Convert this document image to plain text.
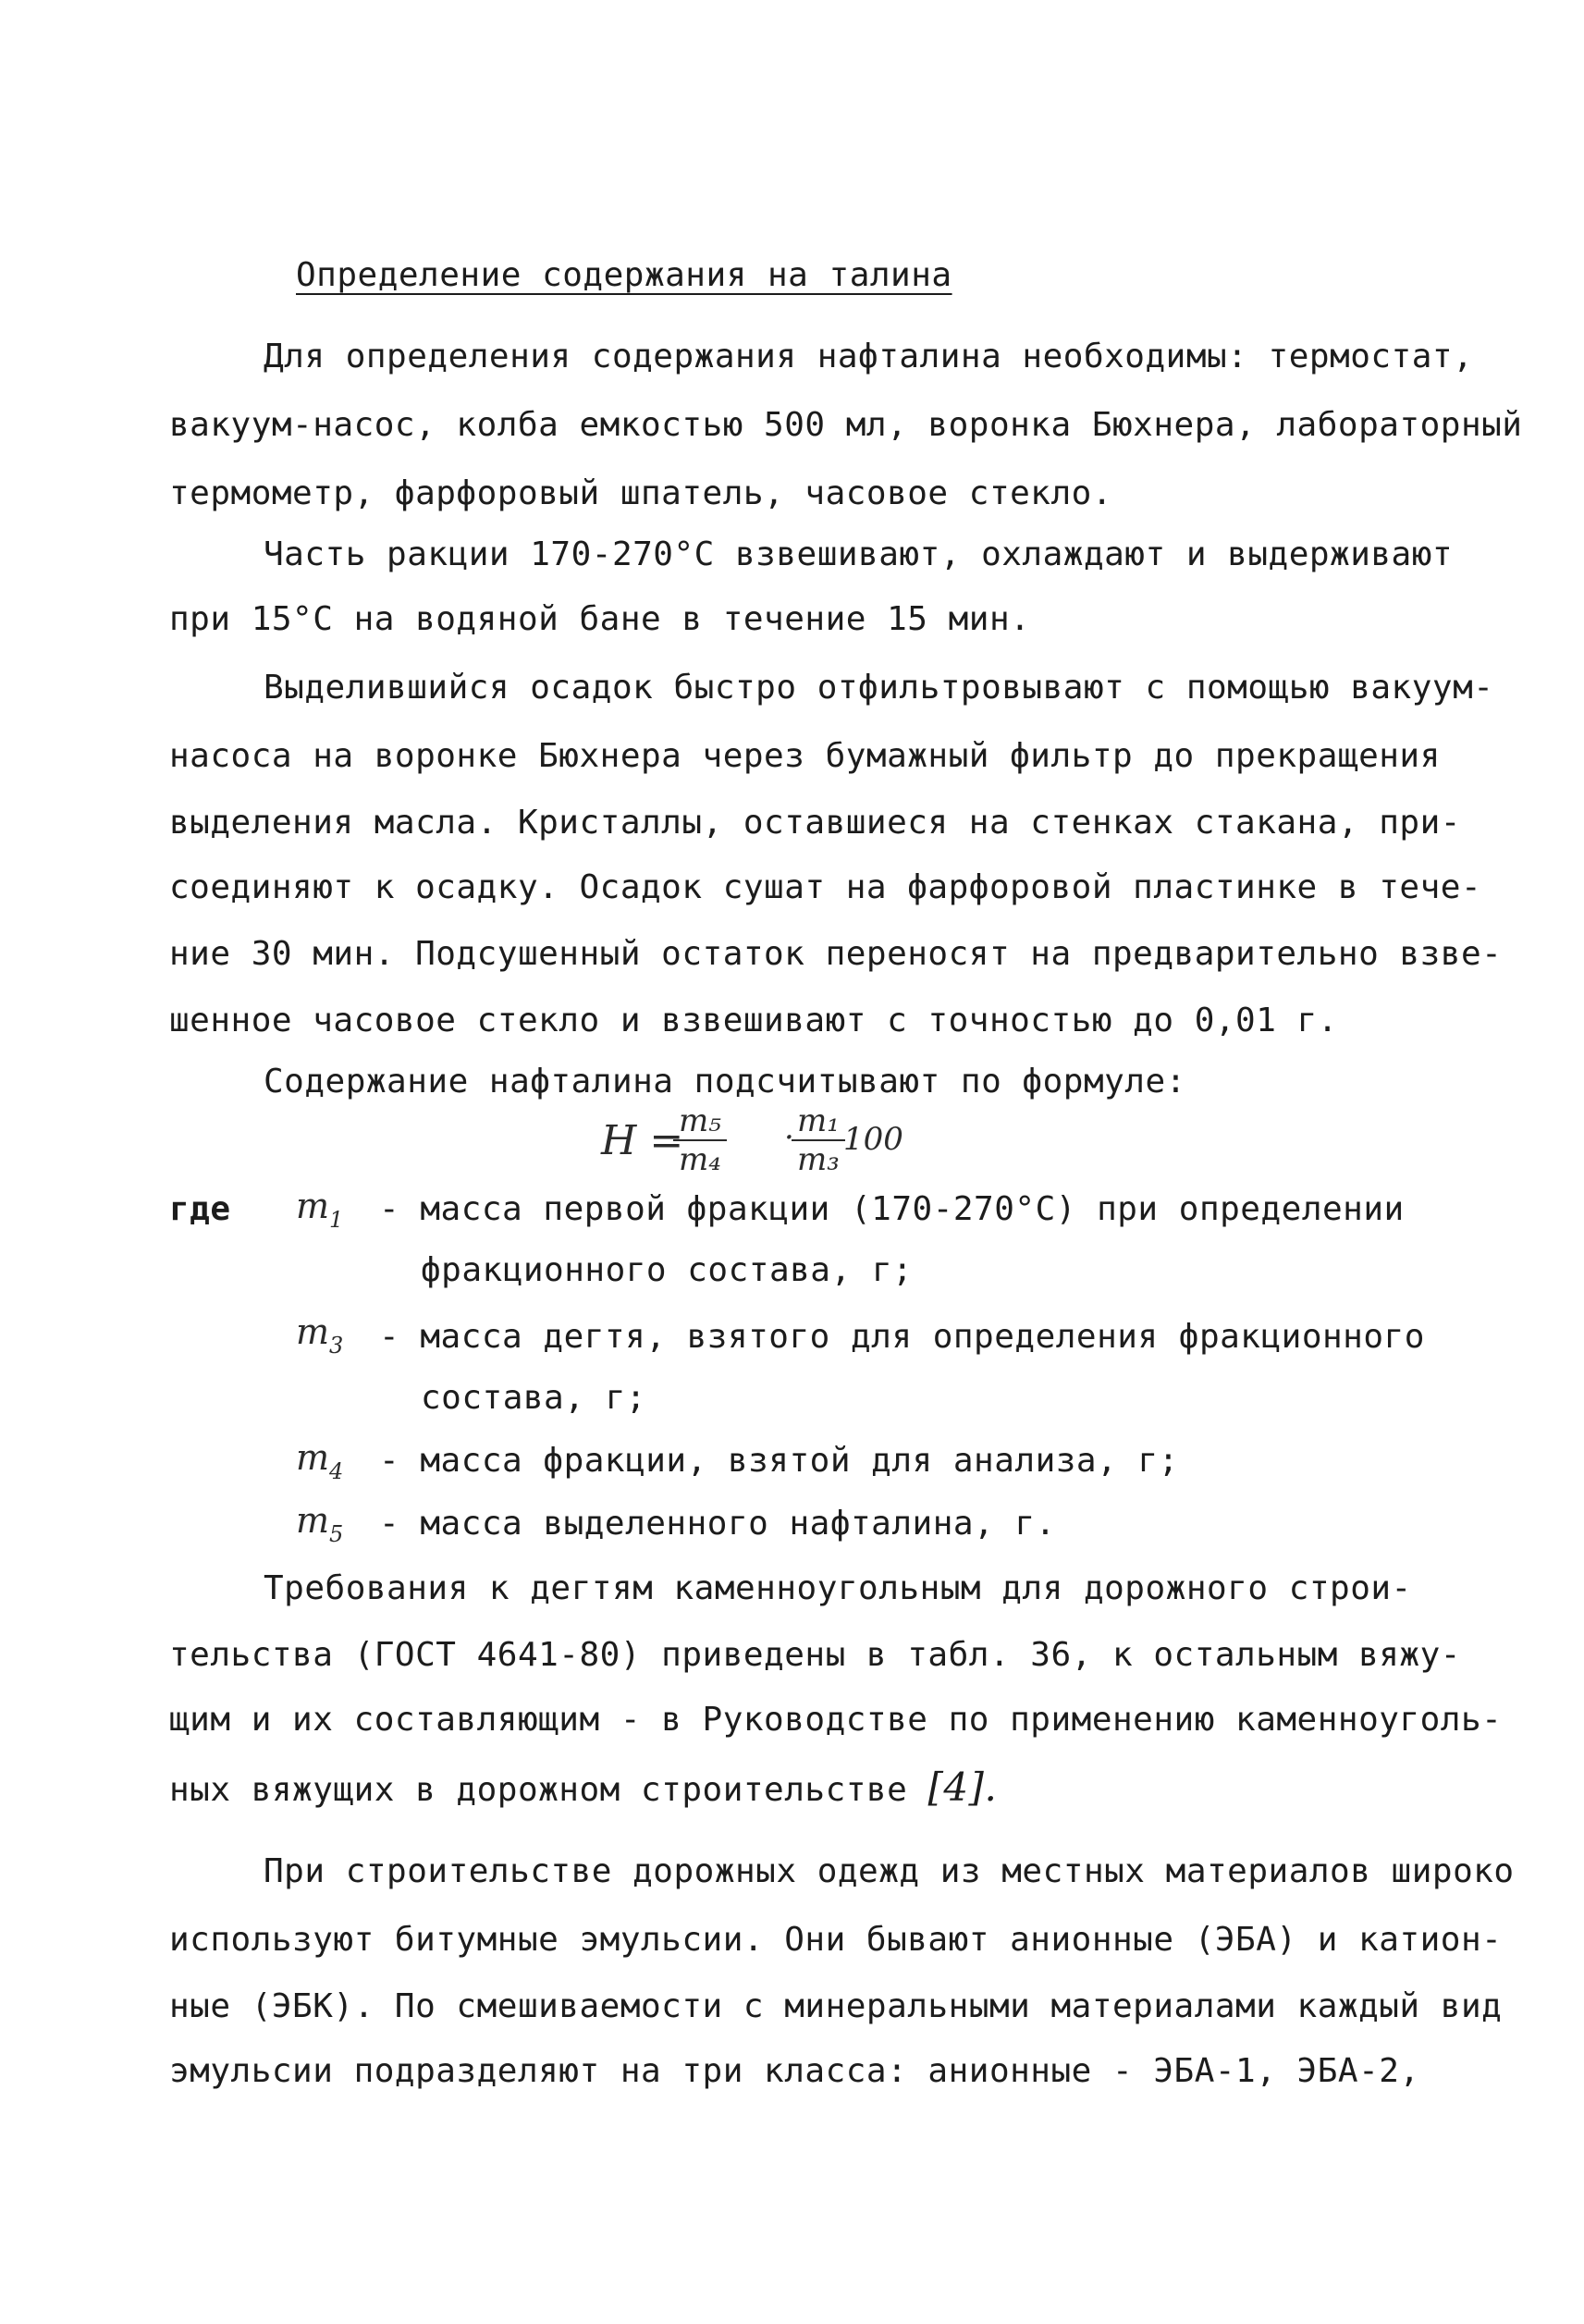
Определение содержания на талина
Для определения содержания нафталина необходимы: термостат,
вакуум-насос, колба емкостью 500 мл, воронка Бюхнера, лабораторный
термометр, фарфоровый шпатель, часовое стекло.
Часть ракции 170-270°С взвешивают, охлаждают и выдерживают
при 15°С на водяной бане в течение 15 мин.
Выделившийся осадок быстро отфильтровывают с помощью вакуум-
насоса на воронке Бюхнера через бумажный фильтр до прекращения
выделения масла. Кристаллы, оставшиеся на стенках стакана, при-
соединяют к осадку. Осадок сушат на фарфоровой пластинке в тече-
ние 30 мин. Подсушенный остаток переносят на предварительно взве-
шенное часовое стекло и взвешивают с точностью до 0,01 г.
Содержание нафталина подсчитывают по формуле:
Н =
$\frac{\text{m₅}}{\text{m₄}}$ ·
$\frac{\text{m₁}}{\text{m₃}}$
100
где m1 - масса первой фракции (170-270°С) при определении
фракционного состава, г;
m3 - масса дегтя, взятого для определения фракционного
состава, г;
m4 - масса фракции, взятой для анализа, г;
m5 - масса выделенного нафталина, г.
Требования к дегтям каменноугольным для дорожного строи-
тельства (ГОСТ 4641-80) приведены в табл. 36, к остальным вяжу-
щим и их составляющим - в Руководстве по применению каменноуголь-
ных вяжущих в дорожном строительстве [4].
При строительстве дорожных одежд из местных материалов широко
используют битумные эмульсии. Они бывают анионные (ЭБА) и катион-
ные (ЭБК). По смешиваемости с минеральными материалами каждый вид
эмульсии подразделяют на три класса: анионные - ЭБА-1, ЭБА-2,
